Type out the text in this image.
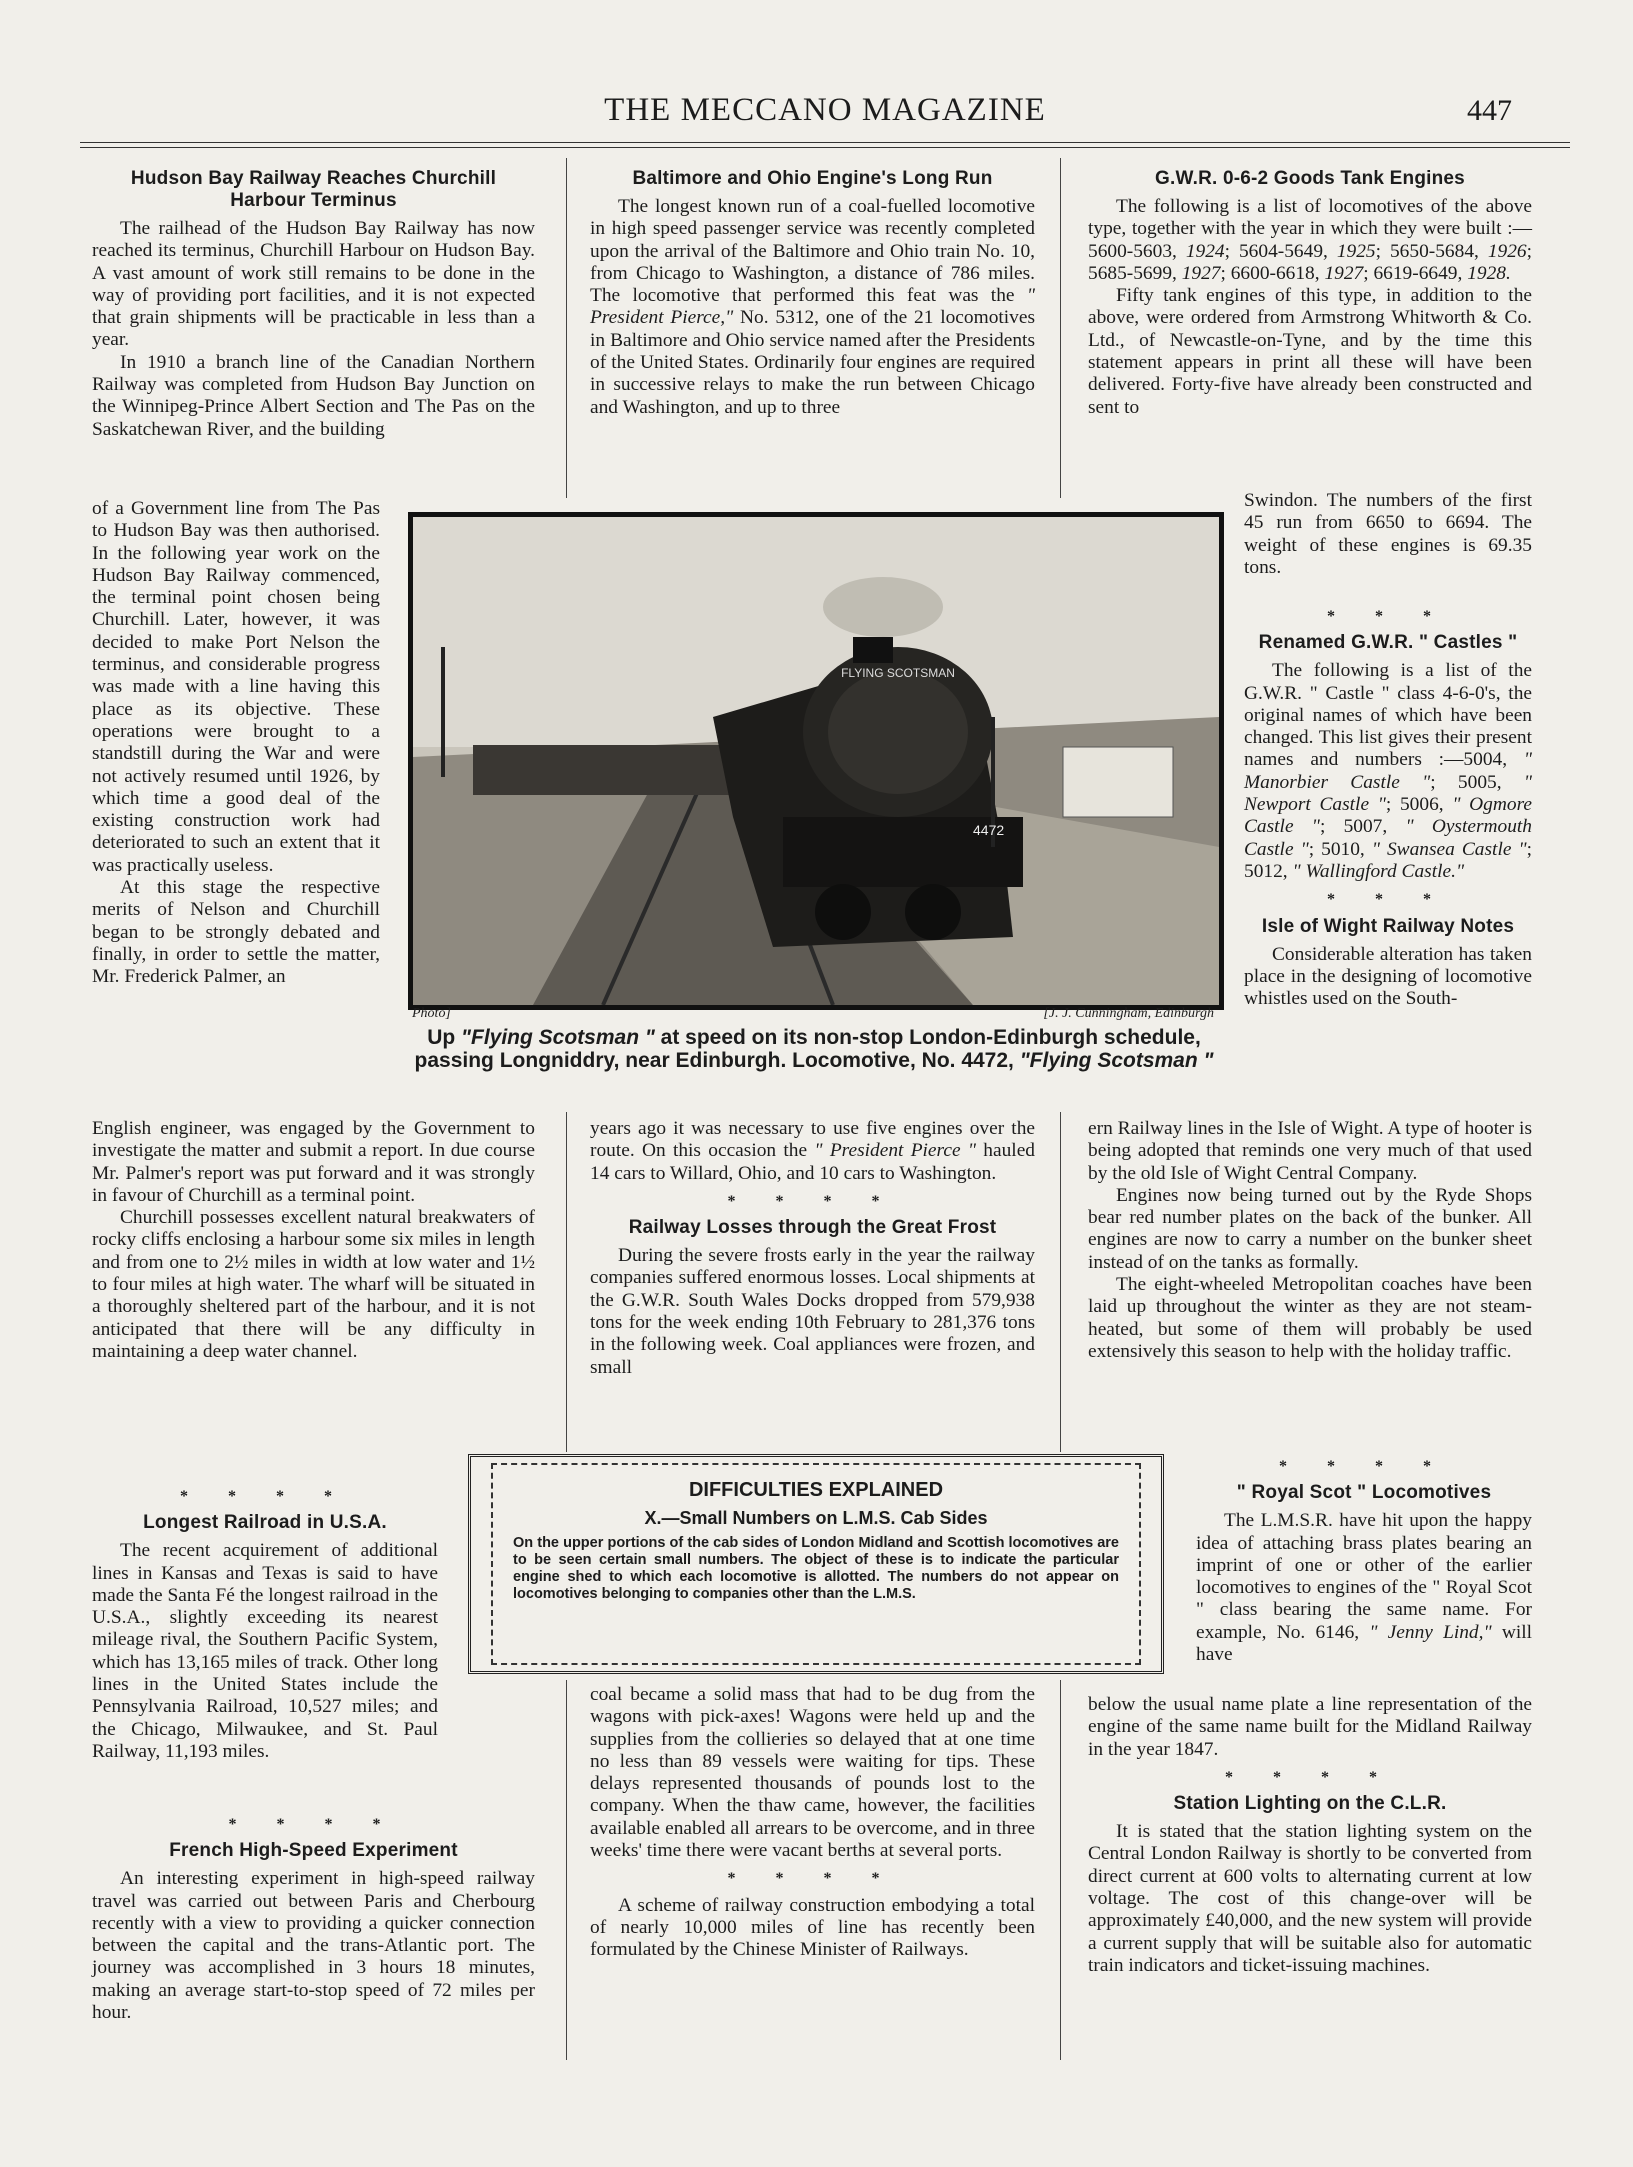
THE MECCANO MAGAZINE	447
Hudson Bay Railway Reaches Churchill Harbour Terminus

The railhead of the Hudson Bay Railway has now reached its terminus, Churchill Harbour on Hudson Bay. A vast amount of work still remains to be done in the way of providing port facilities, and it is not expected that grain shipments will be practicable in less than a year.

In 1910 a branch line of the Canadian Northern Railway was completed from Hudson Bay Junction on the Winnipeg-Prince Albert Section and The Pas on the Saskatchewan River, and the building

of a Government line from The Pas to Hudson Bay was then authorised. In the following year work on the Hudson Bay Railway commenced, the terminal point chosen being Churchill. Later, however, it was decided to make Port Nelson the terminus, and considerable progress was made with a line having this place as its objective. These operations were brought to a standstill during the War and were not actively resumed until 1926, by which time a good deal of the existing construction work had deteriorated to such an extent that it was practically useless.

At this stage the respective merits of Nelson and Churchill began to be strongly debated and finally, in order to settle the matter, Mr. Frederick Palmer, an

English engineer, was engaged by the Government to investigate the matter and submit a report. In due course Mr. Palmer's report was put forward and it was strongly in favour of Churchill as a terminal point.

Churchill possesses excellent natural breakwaters of rocky cliffs enclosing a harbour some six miles in length and from one to 2½ miles in width at low water and 1½ to four miles at high water. The wharf will be situated in a thoroughly sheltered part of the harbour, and it is not anticipated that there will be any difficulty in maintaining a deep water channel.

* * * *
Longest Railroad in U.S.A.

The recent acquirement of additional lines in Kansas and Texas is said to have made the Santa Fé the longest railroad in the U.S.A., slightly exceeding its nearest mileage rival, the Southern Pacific System, which has 13,165 miles of track. Other long lines in the United States include the Pennsylvania Railroad, 10,527 miles; and the Chicago, Milwaukee, and St. Paul Railway, 11,193 miles.

* * * *
French High-Speed Experiment

An interesting experiment in high-speed railway travel was carried out between Paris and Cherbourg recently with a view to providing a quicker connection between the capital and the trans-Atlantic port. The journey was accomplished in 3 hours 18 minutes, making an average start-to-stop speed of 72 miles per hour.

Baltimore and Ohio Engine's Long Run

The longest known run of a coal-fuelled locomotive in high speed passenger service was recently completed upon the arrival of the Baltimore and Ohio train No. 10, from Chicago to Washington, a distance of 786 miles. The locomotive that performed this feat was the " President Pierce," No. 5312, one of the 21 locomotives in Baltimore and Ohio service named after the Presidents of the United States. Ordinarily four engines are required in successive relays to make the run between Chicago and Washington, and up to three

years ago it was necessary to use five engines over the route. On this occasion the " President Pierce " hauled 14 cars to Willard, Ohio, and 10 cars to Washington.

* * * *
Railway Losses through the Great Frost

During the severe frosts early in the year the railway companies suffered enormous losses. Local shipments at the G.W.R. South Wales Docks dropped from 579,938 tons for the week ending 10th February to 281,376 tons in the following week. Coal appliances were frozen, and small

coal became a solid mass that had to be dug from the wagons with pick-axes! Wagons were held up and the supplies from the collieries so delayed that at one time no less than 89 vessels were waiting for tips. These delays represented thousands of pounds lost to the company. When the thaw came, however, the facilities available enabled all arrears to be overcome, and in three weeks' time there were vacant berths at several ports.

* * * *

A scheme of railway construction embodying a total of nearly 10,000 miles of line has recently been formulated by the Chinese Minister of Railways.

G.W.R. 0-6-2 Goods Tank Engines

The following is a list of locomotives of the above type, together with the year in which they were built :—5600-5603, 1924; 5604-5649, 1925; 5650-5684, 1926; 5685-5699, 1927; 6600-6618, 1927; 6619-6649, 1928.

Fifty tank engines of this type, in addition to the above, were ordered from Armstrong Whitworth & Co. Ltd., of Newcastle-on-Tyne, and by the time this statement appears in print all these will have been delivered. Forty-five have already been constructed and sent to

Swindon. The numbers of the first 45 run from 6650 to 6694. The weight of these engines is 69.35 tons.

* * *
Renamed G.W.R. " Castles "

The following is a list of the G.W.R. " Castle " class 4-6-0's, the original names of which have been changed. This list gives their present names and numbers :—5004, " Manorbier Castle "; 5005, " Newport Castle "; 5006, " Ogmore Castle "; 5007, " Oystermouth Castle "; 5010, " Swansea Castle "; 5012, " Wallingford Castle."

* * *
Isle of Wight Railway Notes

Considerable alteration has taken place in the designing of locomotive whistles used on the South-

ern Railway lines in the Isle of Wight. A type of hooter is being adopted that reminds one very much of that used by the old Isle of Wight Central Company.

Engines now being turned out by the Ryde Shops bear red number plates on the back of the bunker. All engines are now to carry a number on the bunker sheet instead of on the tanks as formally.

The eight-wheeled Metropolitan coaches have been laid up throughout the winter as they are not steam-heated, but some of them will probably be used extensively this season to help with the holiday traffic.

* * * *
" Royal Scot " Locomotives

The L.M.S.R. have hit upon the happy idea of attaching brass plates bearing an imprint of one or other of the earlier locomotives to engines of the " Royal Scot " class bearing the same name. For example, No. 6146, " Jenny Lind," will have

below the usual name plate a line representation of the engine of the same name built for the Midland Railway in the year 1847.

* * * *
Station Lighting on the C.L.R.

It is stated that the station lighting system on the Central London Railway is shortly to be converted from direct current at 600 volts to alternating current at low voltage. The cost of this change-over will be approximately £40,000, and the new system will provide a current supply that will be suitable also for automatic train indicators and ticket-issuing machines.

FLYING SCOTSMAN
4472
Photo]	[J. J. Cunningham, Edinburgh
Up "Flying Scotsman " at speed on its non-stop London-Edinburgh schedule, passing Longniddry, near Edinburgh. Locomotive, No. 4472, "Flying Scotsman "
DIFFICULTIES EXPLAINED
X.—Small Numbers on L.M.S. Cab Sides

On the upper portions of the cab sides of London Midland and Scottish locomotives are to be seen certain small numbers. The object of these is to indicate the particular engine shed to which each locomotive is allotted. The numbers do not appear on locomotives belonging to companies other than the L.M.S.
